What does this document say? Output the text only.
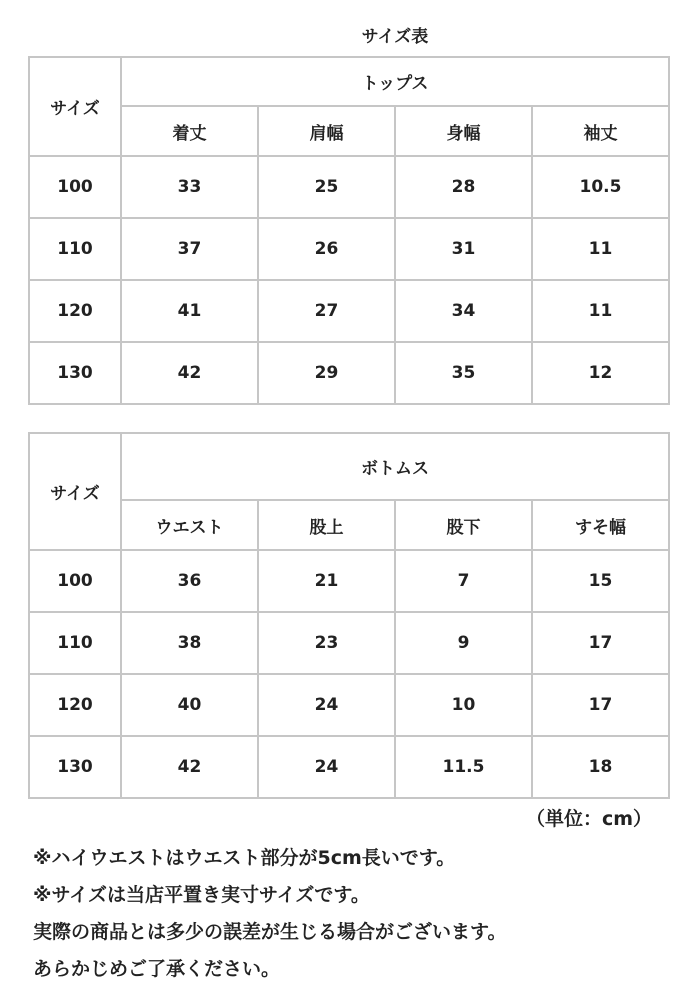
サイズ表
サイズ	トップス			
	着丈	肩幅	身幅	袖丈
100	33	25	28	10.5
110	37	26	31	11
120	41	27	34	11
130	42	29	35	12
サイズ	ボトムス			
	ウエスト	股上	股下	すそ幅
100	36	21	7	15
110	38	23	9	17
120	40	24	10	17
130	42	24	11.5	18
（単位：cm）
※ハイウエストはウエスト部分が5cm長いです。
※サイズは当店平置き実寸サイズです。
実際の商品とは多少の誤差が生じる場合がございます。
あらかじめご了承ください。
